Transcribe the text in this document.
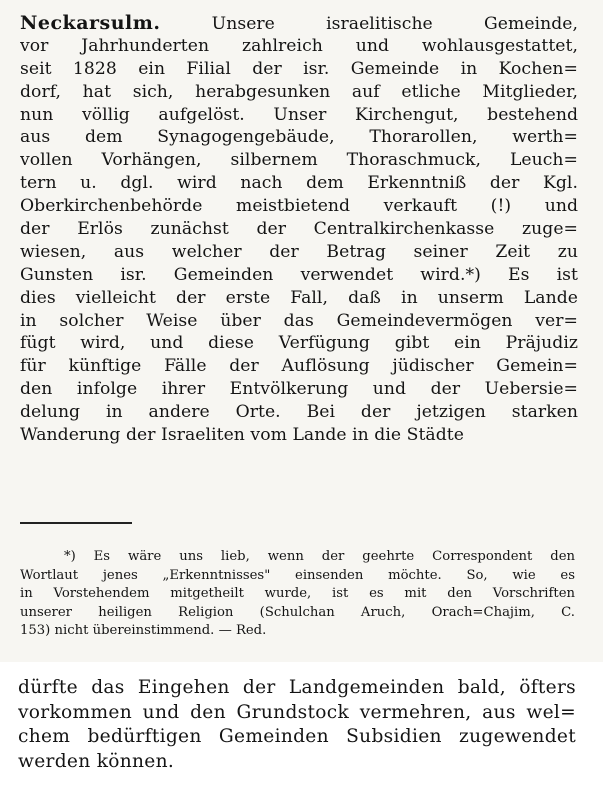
Neckarsulm.	Unsere israelitische Gemeinde,
vor Jahrhunderten zahlreich und wohlausgestattet,
seit 1828 ein Filial der isr. Gemeinde in Kochen=
dorf, hat sich, herabgesunken auf etliche Mitglieder,
nun völlig aufgelöst. Unser Kirchengut, bestehend
aus dem Synagogengebäude, Thorarollen, werth=
vollen Vorhängen, silbernem Thoraschmuck, Leuch=
tern u. dgl. wird nach dem Erkenntniß der Kgl.
Oberkirchenbehörde meistbietend verkauft (!) und
der Erlös zunächst der Centralkirchenkasse zuge=
wiesen, aus welcher der Betrag seiner Zeit zu
Gunsten isr. Gemeinden verwendet wird.*) Es ist
dies vielleicht der erste Fall, daß in unserm Lande
in solcher Weise über das Gemeindevermögen ver=
fügt wird, und diese Verfügung gibt ein Präjudiz
für künftige Fälle der Auflösung jüdischer Gemein=
den infolge ihrer Entvölkerung und der Uebersie=
delung in andere Orte. Bei der jetzigen starken
Wanderung der Israeliten vom Lande in die Städte
*) Es wäre uns lieb, wenn der geehrte Correspondent den
Wortlaut jenes „Erkenntnisses" einsenden möchte. So, wie es
in Vorstehendem mitgetheilt wurde, ist es mit den Vorschriften
unserer heiligen Religion (Schulchan Aruch, Orach=Chajim, C.
153) nicht übereinstimmend. — Red.
dürfte das Eingehen der Landgemeinden bald, öfters
vorkommen und den Grundstock vermehren, aus wel=
chem bedürftigen Gemeinden Subsidien zugewendet
werden können.
